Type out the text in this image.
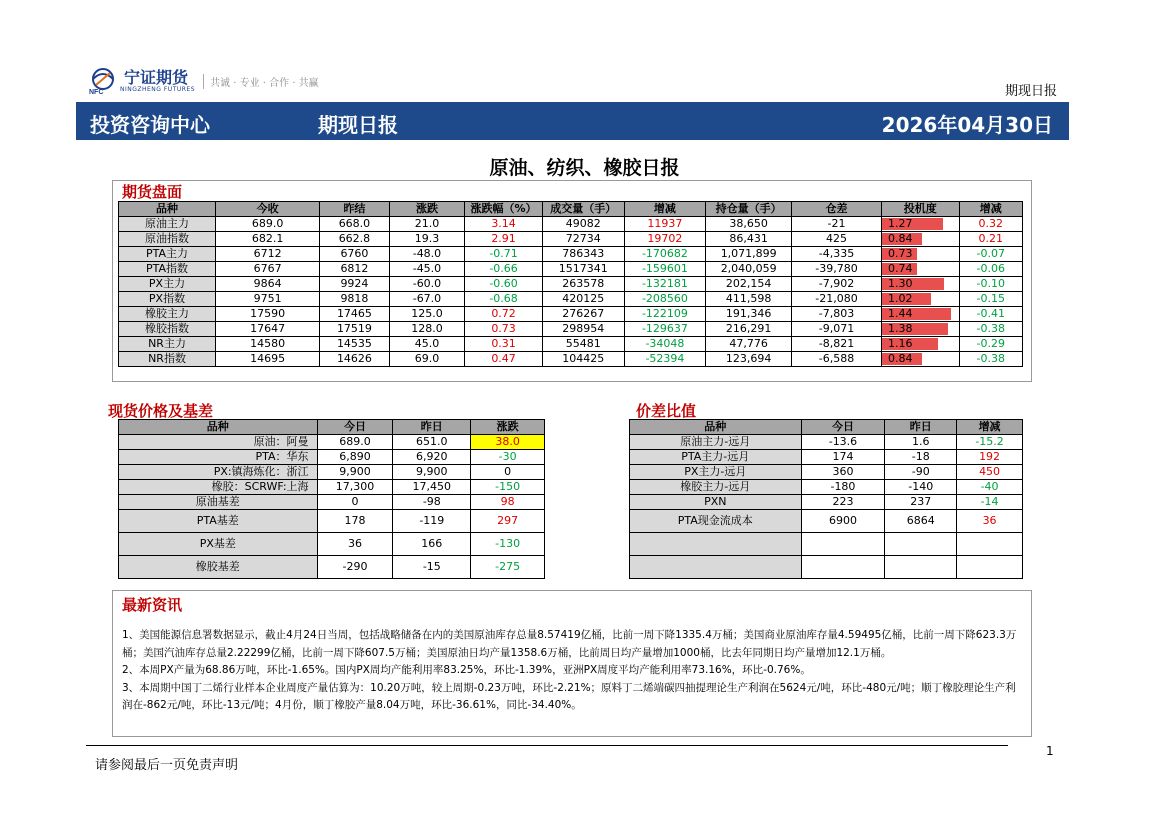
NFC
宁证期货
NINGZHENG FUTURES
共诚 · 专业 · 合作 · 共赢
期现日报
投资咨询中心	期现日报	2026年04月30日
原油、纺织、橡胶日报
期货盘面
品种	今收	昨结	涨跌	涨跌幅（%）	成交量（手）	增减	持仓量（手）	仓差	投机度	增减
原油主力	689.0	668.0	21.0	3.14	49082	11937	38,650	-21	1.27	0.32
原油指数	682.1	662.8	19.3	2.91	72734	19702	86,431	425	0.84	0.21
PTA主力	6712	6760	-48.0	-0.71	786343	-170682	1,071,899	-4,335	0.73	-0.07
PTA指数	6767	6812	-45.0	-0.66	1517341	-159601	2,040,059	-39,780	0.74	-0.06
PX主力	9864	9924	-60.0	-0.60	263578	-132181	202,154	-7,902	1.30	-0.10
PX指数	9751	9818	-67.0	-0.68	420125	-208560	411,598	-21,080	1.02	-0.15
橡胶主力	17590	17465	125.0	0.72	276267	-122109	191,346	-7,803	1.44	-0.41
橡胶指数	17647	17519	128.0	0.73	298954	-129637	216,291	-9,071	1.38	-0.38
NR主力	14580	14535	45.0	0.31	55481	-34048	47,776	-8,821	1.16	-0.29
NR指数	14695	14626	69.0	0.47	104425	-52394	123,694	-6,588	0.84	-0.38
现货价格及基差
品种	今日	昨日	涨跌
原油：阿曼	689.0	651.0	38.0
PTA：华东	6,890	6,920	-30
PX:镇海炼化：浙江	9,900	9,900	0
橡胶：SCRWF:上海	17,300	17,450	-150
原油基差	0	-98	98
PTA基差	178	-119	297
PX基差	36	166	-130
橡胶基差	-290	-15	-275
价差比值
品种	今日	昨日	增减
原油主力-远月	-13.6	1.6	-15.2
PTA主力-远月	174	-18	192
PX主力-远月	360	-90	450
橡胶主力-远月	-180	-140	-40
PXN	223	237	-14
PTA现金流成本	6900	6864	36

最新资讯

1、美国能源信息署数据显示，截止4月24日当周，包括战略储备在内的美国原油库存总量8.57419亿桶，比前一周下降1335.4万桶；美国商业原油库存量4.59495亿桶，比前一周下降623.3万桶；美国汽油库存总量2.22299亿桶，比前一周下降607.5万桶；美国原油日均产量1358.6万桶，比前周日均产量增加1000桶，比去年同期日均产量增加12.1万桶。

2、本周PX产量为68.86万吨，环比-1.65%。国内PX周均产能利用率83.25%，环比-1.39%，亚洲PX周度平均产能利用率73.16%，环比-0.76%。

3、本周期中国丁二烯行业样本企业周度产量估算为：10.20万吨，较上周期-0.23万吨，环比-2.21%；原料丁二烯端碳四抽提理论生产利润在5624元/吨，环比-480元/吨；顺丁橡胶理论生产利润在-862元/吨，环比-13元/吨；4月份，顺丁橡胶产量8.04万吨，环比-36.61%，同比-34.40%。

请参阅最后一页免责声明
1
